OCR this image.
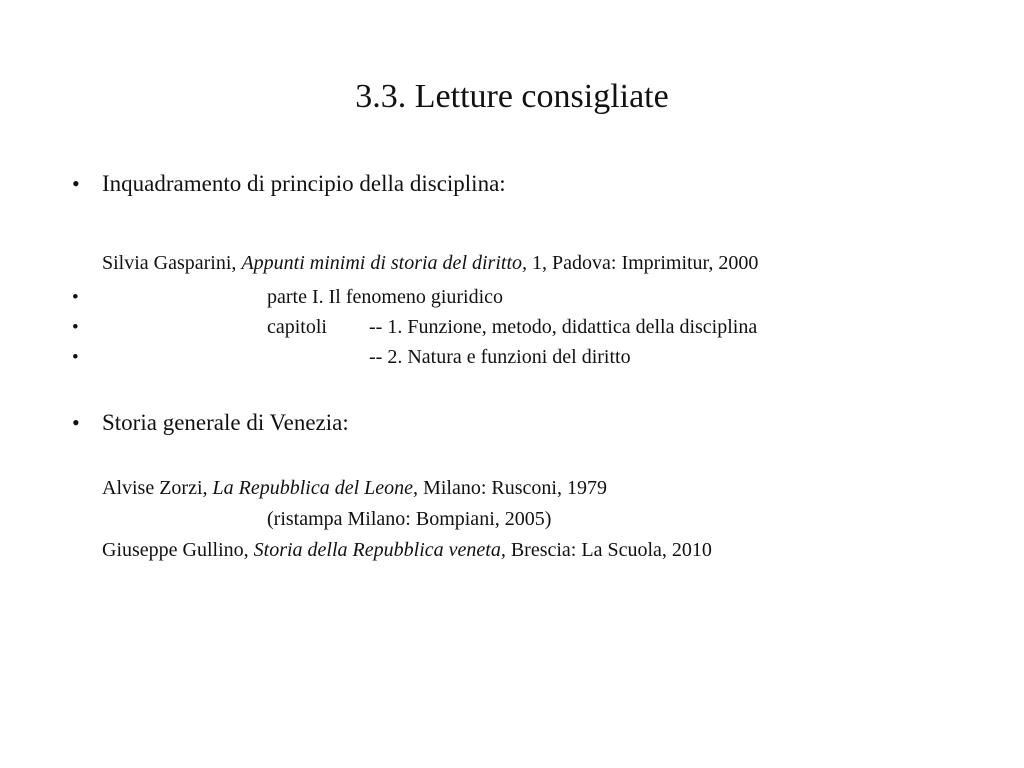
3.3. Letture consigliate
• Inquadramento di principio della disciplina:
Silvia Gasparini, Appunti minimi di storia del diritto, 1, Padova: Imprimitur, 2000
•	parte I. Il fenomeno giuridico
•	capitoli -- 1. Funzione, metodo, didattica della disciplina
•	-- 2. Natura e funzioni del diritto
• Storia generale di Venezia:
Alvise Zorzi, La Repubblica del Leone, Milano: Rusconi, 1979
(ristampa Milano: Bompiani, 2005)
Giuseppe Gullino, Storia della Repubblica veneta, Brescia: La Scuola, 2010
